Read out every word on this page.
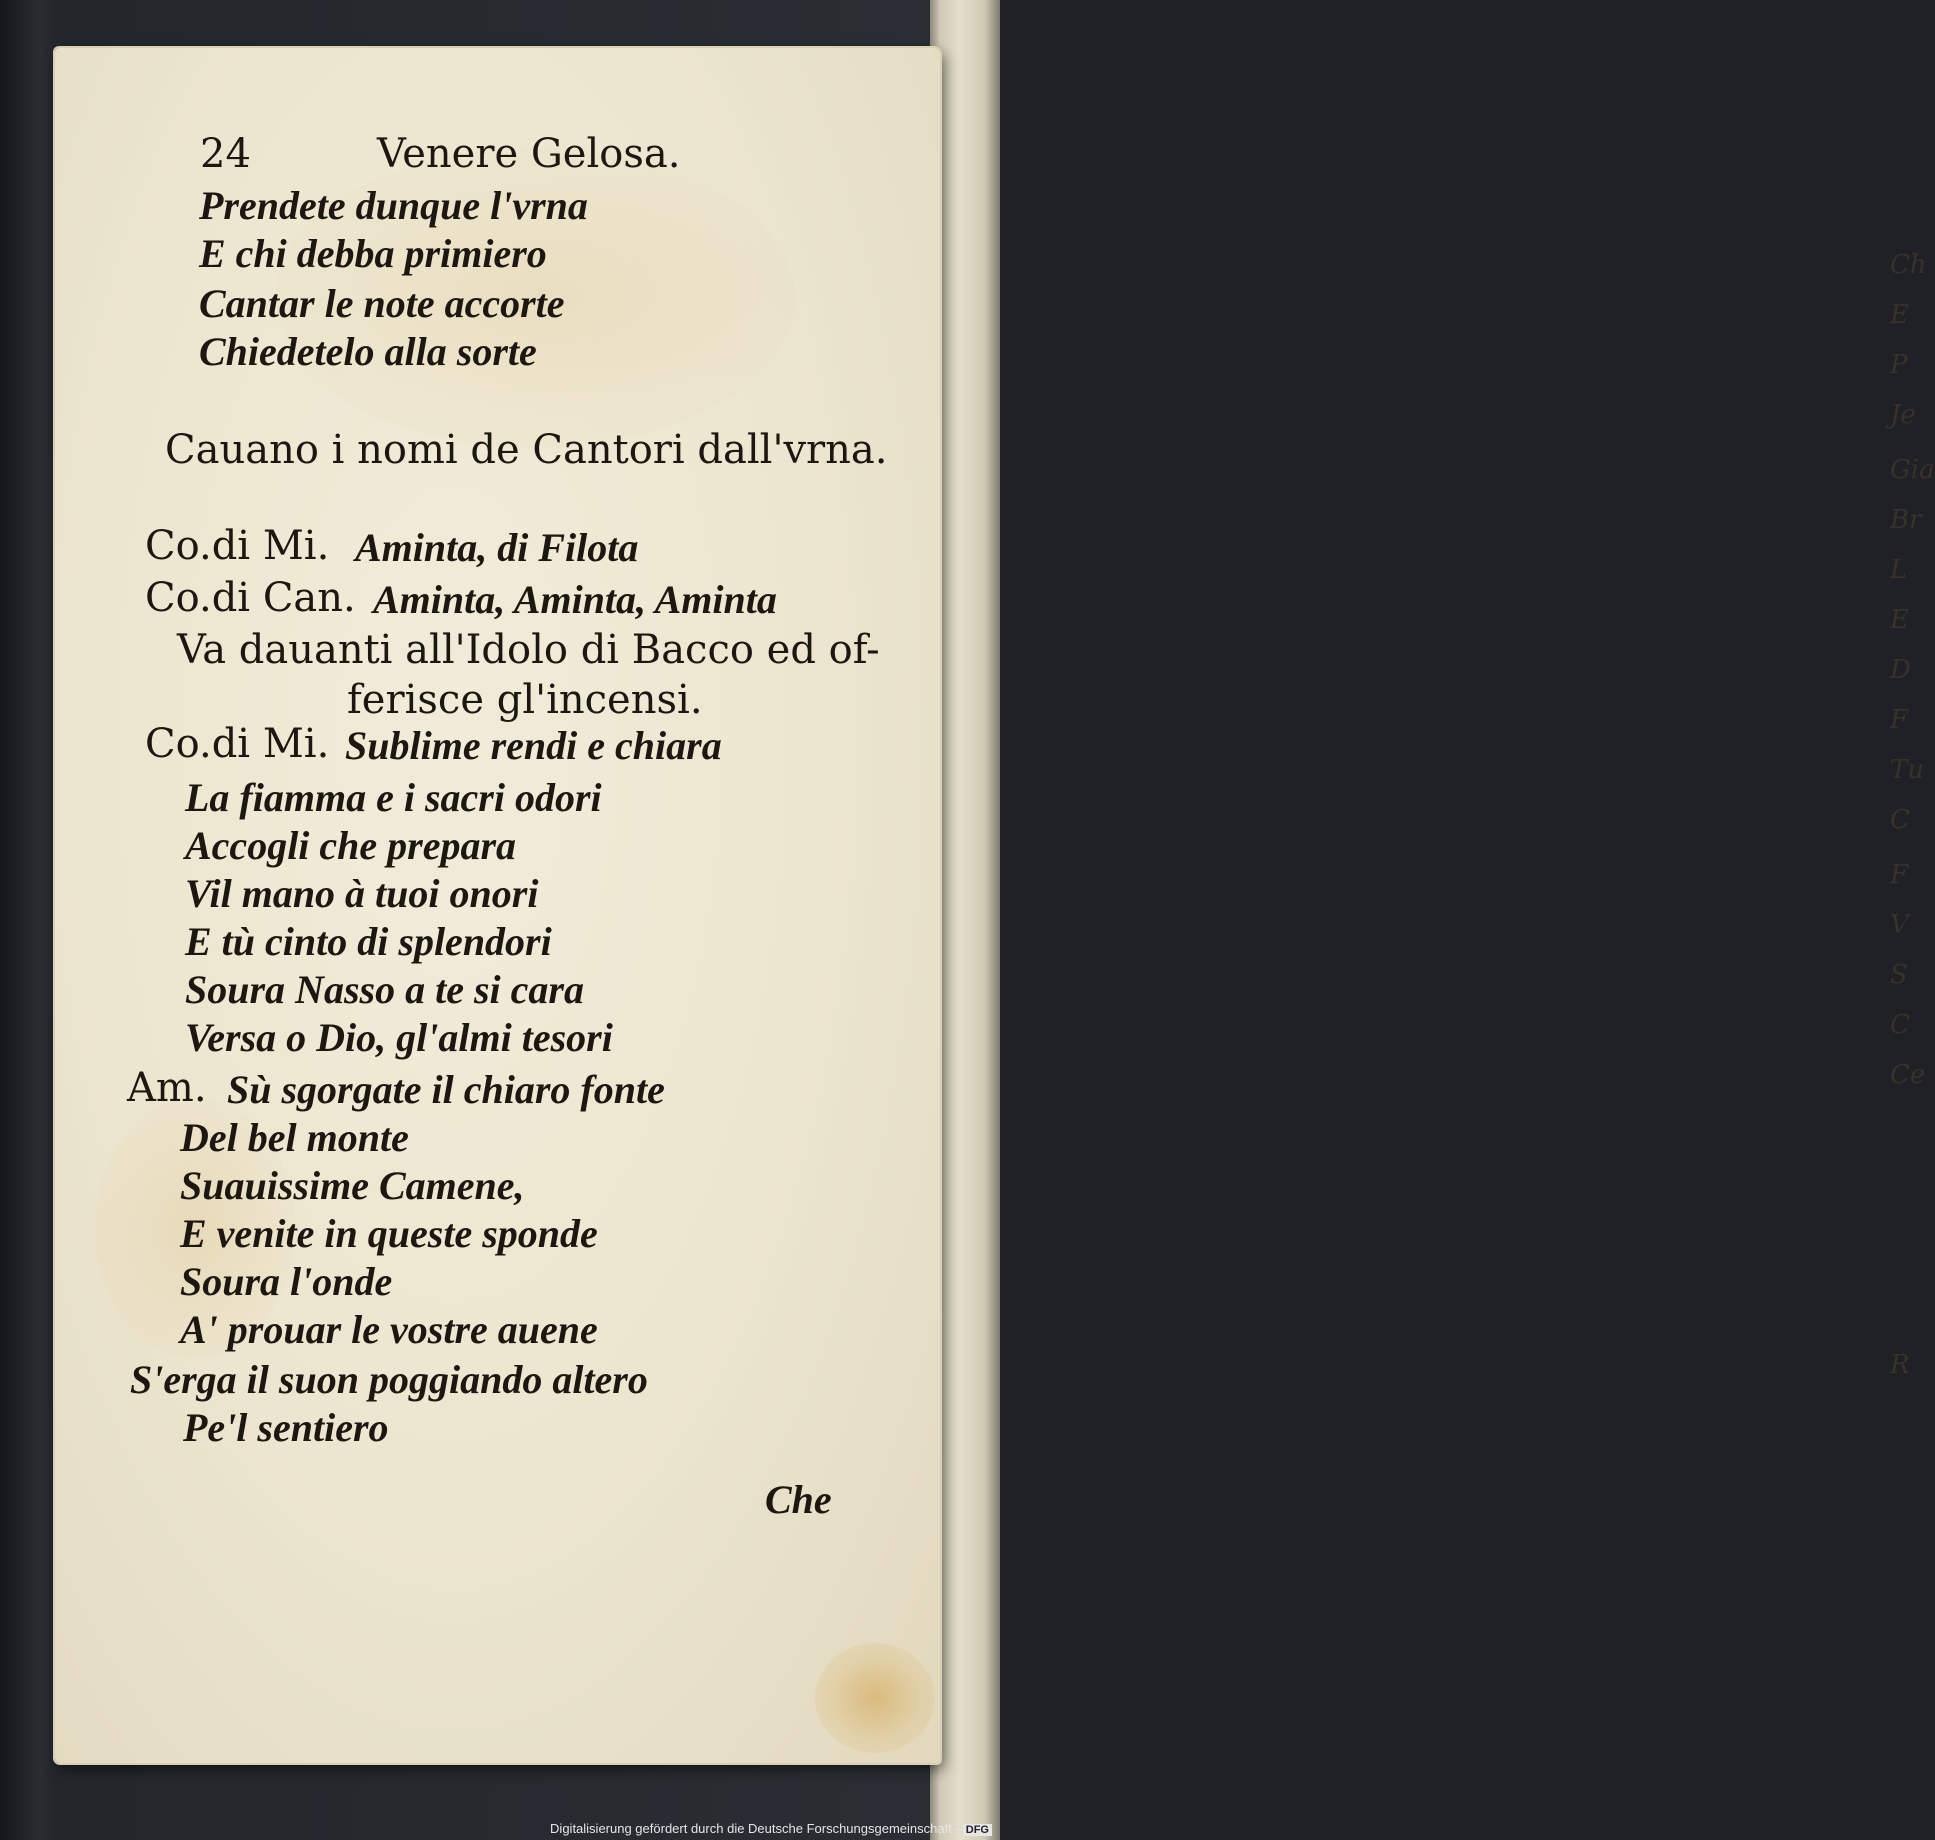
Ch
E
P
Je
Gia
Br
L
E
D
F
Tu
C
F
V
S
C
Ce
R
24	Venere Gelosa.
Prendete dunque l'vrna
E chi debba primiero
Cantar le note accorte
Chiedetelo alla sorte
Cauano i nomi de Cantori dall'vrna.
Co.di Mi. Aminta, di Filota
Co.di Can. Aminta, Aminta, Aminta
Va dauanti all'Idolo di Bacco ed of-
ferisce gl'incensi.
Co.di Mi. Sublime rendi e chiara
La fiamma e i sacri odori
Accogli che prepara
Vil mano à tuoi onori
E tù cinto di splendori
Soura Nasso a te si cara
Versa o Dio, gl'almi tesori
Am. Sù sgorgate il chiaro fonte
Del bel monte
Suauissime Camene,
E venite in queste sponde
Soura l'onde
A' prouar le vostre auene
S'erga il suon poggiando altero
Pe'l sentiero
Che
Digitalisierung gefördert durch die Deutsche Forschungsgemeinschaft - DFG
